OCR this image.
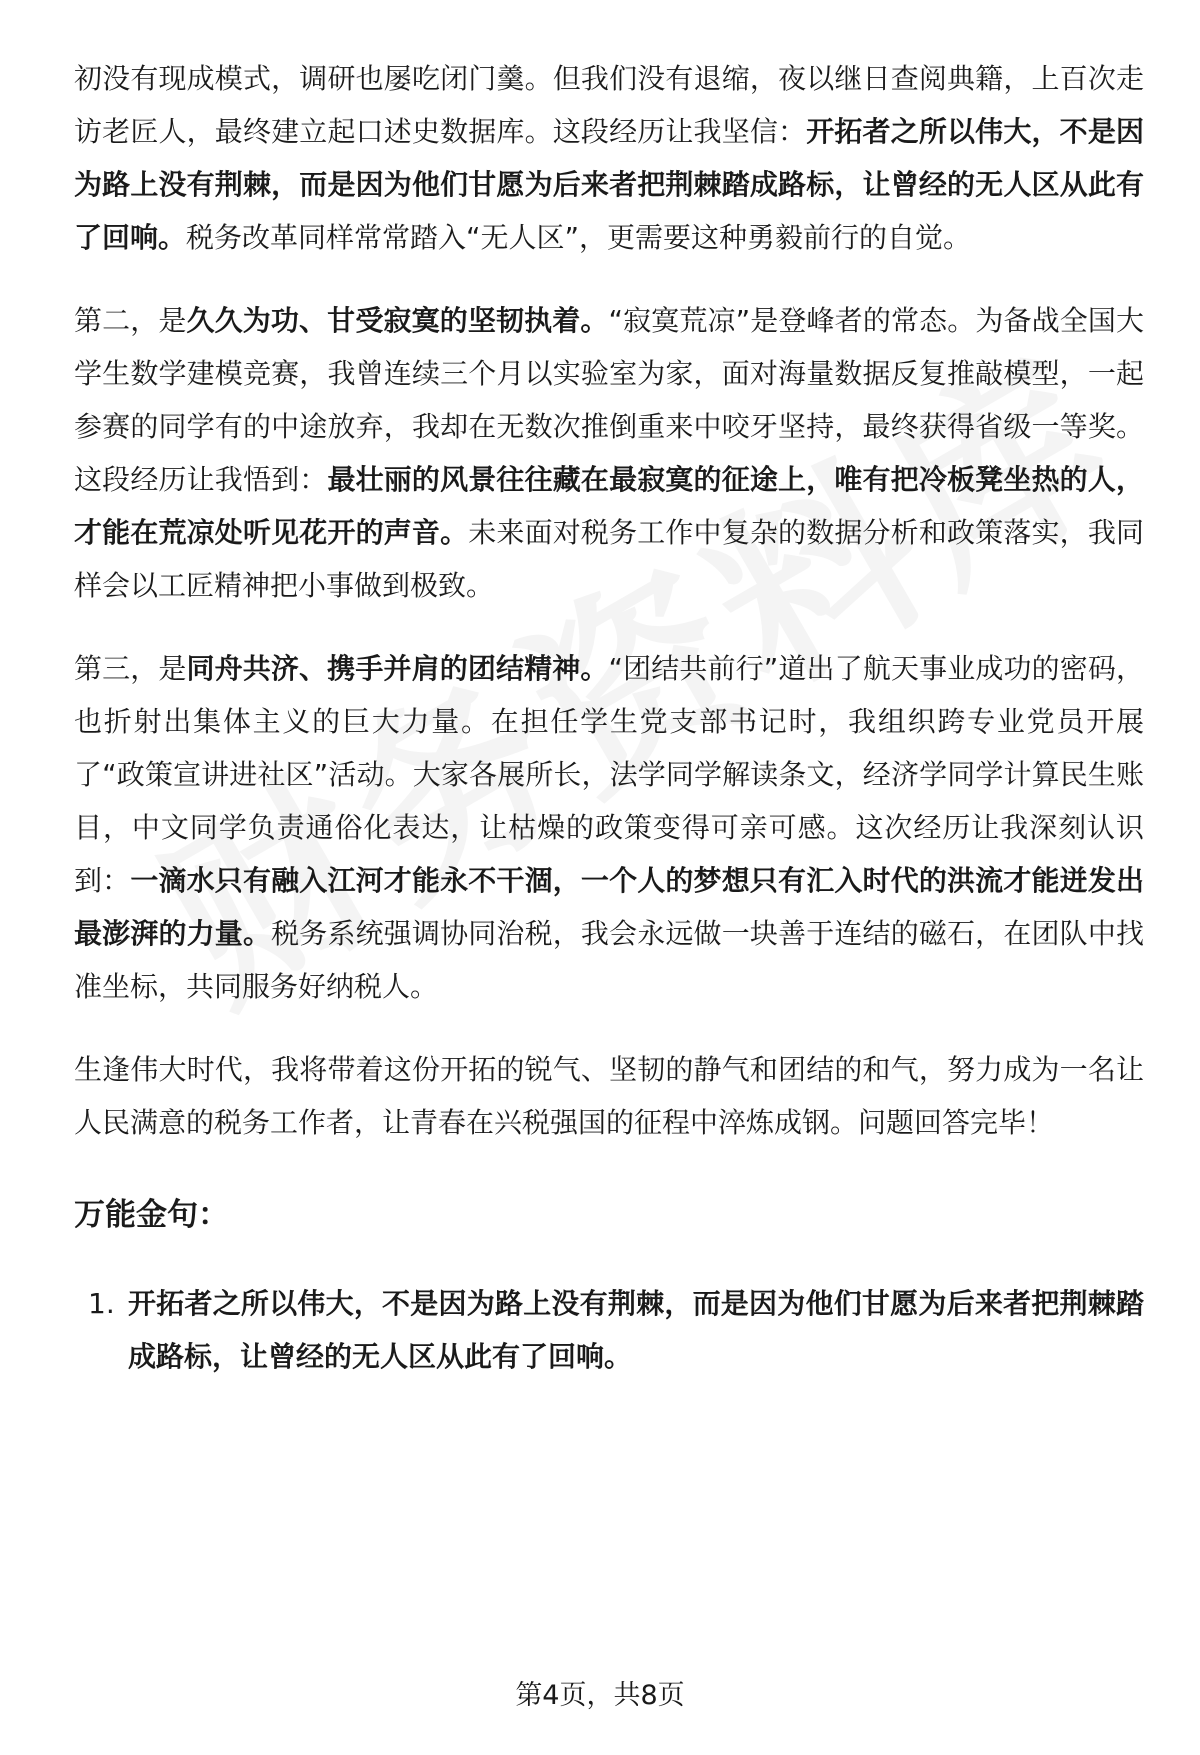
初没有现成模式，调研也屡吃闭门羹。但我们没有退缩，夜以继日查阅典籍，上百次走访老匠人，最终建立起口述史数据库。这段经历让我坚信：开拓者之所以伟大，不是因为路上没有荆棘，而是因为他们甘愿为后来者把荆棘踏成路标，让曾经的无人区从此有了回响。税务改革同样常常踏入“无人区”，更需要这种勇毅前行的自觉。

第二，是久久为功、甘受寂寞的坚韧执着。“寂寞荒凉”是登峰者的常态。为备战全国大学生数学建模竞赛，我曾连续三个月以实验室为家，面对海量数据反复推敲模型，一起参赛的同学有的中途放弃，我却在无数次推倒重来中咬牙坚持，最终获得省级一等奖。这段经历让我悟到：最壮丽的风景往往藏在最寂寞的征途上，唯有把冷板凳坐热的人，才能在荒凉处听见花开的声音。未来面对税务工作中复杂的数据分析和政策落实，我同样会以工匠精神把小事做到极致。

第三，是同舟共济、携手并肩的团结精神。“团结共前行”道出了航天事业成功的密码，也折射出集体主义的巨大力量。在担任学生党支部书记时，我组织跨专业党员开展了“政策宣讲进社区”活动。大家各展所长，法学同学解读条文，经济学同学计算民生账目，中文同学负责通俗化表达，让枯燥的政策变得可亲可感。这次经历让我深刻认识到：一滴水只有融入江河才能永不干涸，一个人的梦想只有汇入时代的洪流才能迸发出最澎湃的力量。税务系统强调协同治税，我会永远做一块善于连结的磁石，在团队中找准坐标，共同服务好纳税人。

生逢伟大时代，我将带着这份开拓的锐气、坚韧的静气和团结的和气，努力成为一名让人民满意的税务工作者，让青春在兴税强国的征程中淬炼成钢。问题回答完毕！

万能金句：
1. 开拓者之所以伟大，不是因为路上没有荆棘，而是因为他们甘愿为后来者把荆棘踏成路标，让曾经的无人区从此有了回响。
第4页，共8页
